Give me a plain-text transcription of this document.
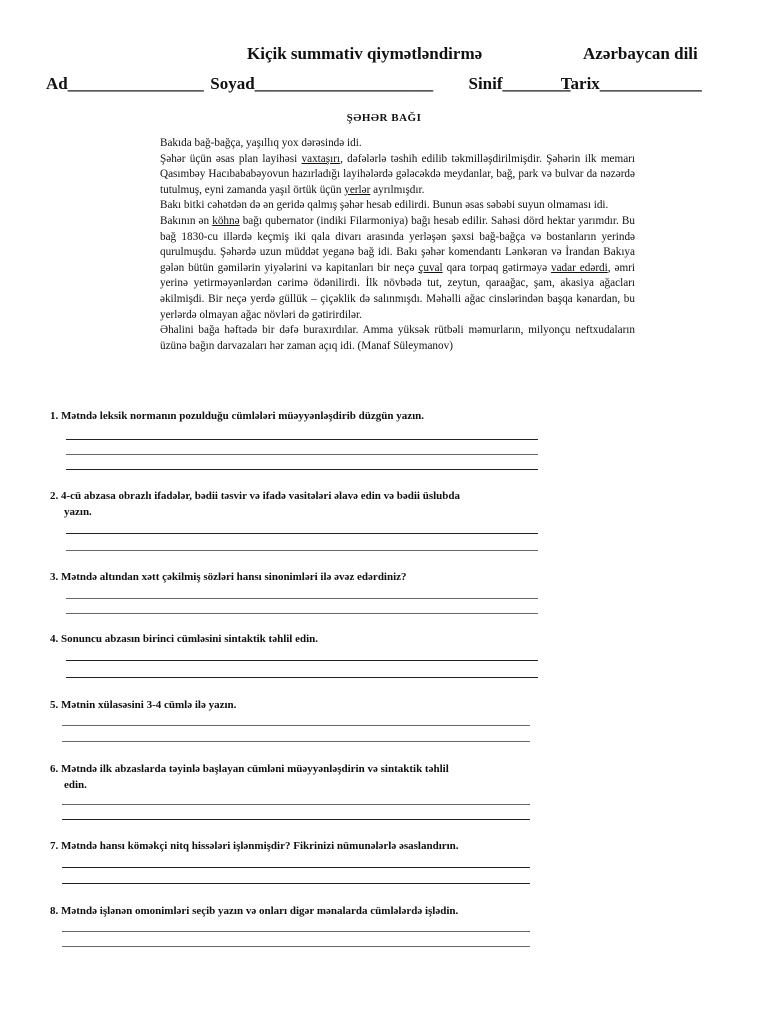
Kiçik summativ qiymətləndirmə	Azərbaycan dili
Ad________________ Soyad_____________________ Sinif________ Tarix____________
ŞƏHƏR BAĞI

Bakıda bağ-bağça, yaşıllıq yox dərəsində idi.

Şəhər üçün əsas plan layihəsi vaxtaşırı, dəfələrlə təshih edilib təkmilləşdirilmişdir. Şəhərin ilk memarı Qasımbəy Hacıbababəyovun hazırladığı layihələrdə gələcəkdə meydanlar, bağ, park və bulvar da nəzərdə tutulmuş, eyni zamanda yaşıl örtük üçün yerlər ayrılmışdır.

Bakı bitki cəhətdən də ən geridə qalmış şəhər hesab edilirdi. Bunun əsas səbəbi suyun olmaması idi.

Bakının ən köhnə bağı qubernator (indiki Filarmoniya) bağı hesab edilir. Sahəsi dörd hektar yarımdır. Bu bağ 1830-cu illərdə keçmiş iki qala divarı arasında yerləşən şəxsi bağ-bağça və bostanların yerində qurulmuşdu. Şəhərdə uzun müddət yeganə bağ idi. Bakı şəhər komendantı Lənkəran və İrandan Bakıya gələn bütün gəmilərin yiyələrini və kapitanları bir neçə çuval qara torpaq gətirməyə vadar edərdi, əmri yerinə yetirməyənlərdən cərimə ödənilirdi. İlk növbədə tut, zeytun, qaraağac, şam, akasiya ağacları əkilmişdi. Bir neçə yerdə güllük – çiçəklik də salınmışdı. Məhəlli ağac cinslərindən başqa kənardan, bu yerlərdə olmayan ağac növləri də gətirirdilər.

Əhalini bağa həftədə bir dəfə buraxırdılar. Amma yüksək rütbəli məmurların, milyonçu neftxudaların üzünə bağın darvazaları hər zaman açıq idi. (Manaf Süleymanov)

1. Mətndə leksik normanın pozulduğu cümlələri müəyyənləşdirib düzgün yazın.
2. 4-cü abzasa obrazlı ifadələr, bədii təsvir və ifadə vasitələri əlavə edin və bədii üslubda
yazın.
3. Mətndə altından xətt çəkilmiş sözləri hansı sinonimləri ilə əvəz edərdiniz?
4. Sonuncu abzasın birinci cümləsini sintaktik təhlil edin.
5. Mətnin xülasəsini 3-4 cümlə ilə yazın.
6. Mətndə ilk abzaslarda təyinlə başlayan cümləni müəyyənləşdirin və sintaktik təhlil
edin.
7. Mətndə hansı köməkçi nitq hissələri işlənmişdir? Fikrinizi nümunələrlə əsaslandırın.
8. Mətndə işlənən omonimləri seçib yazın və onları digər mənalarda cümlələrdə işlədin.
